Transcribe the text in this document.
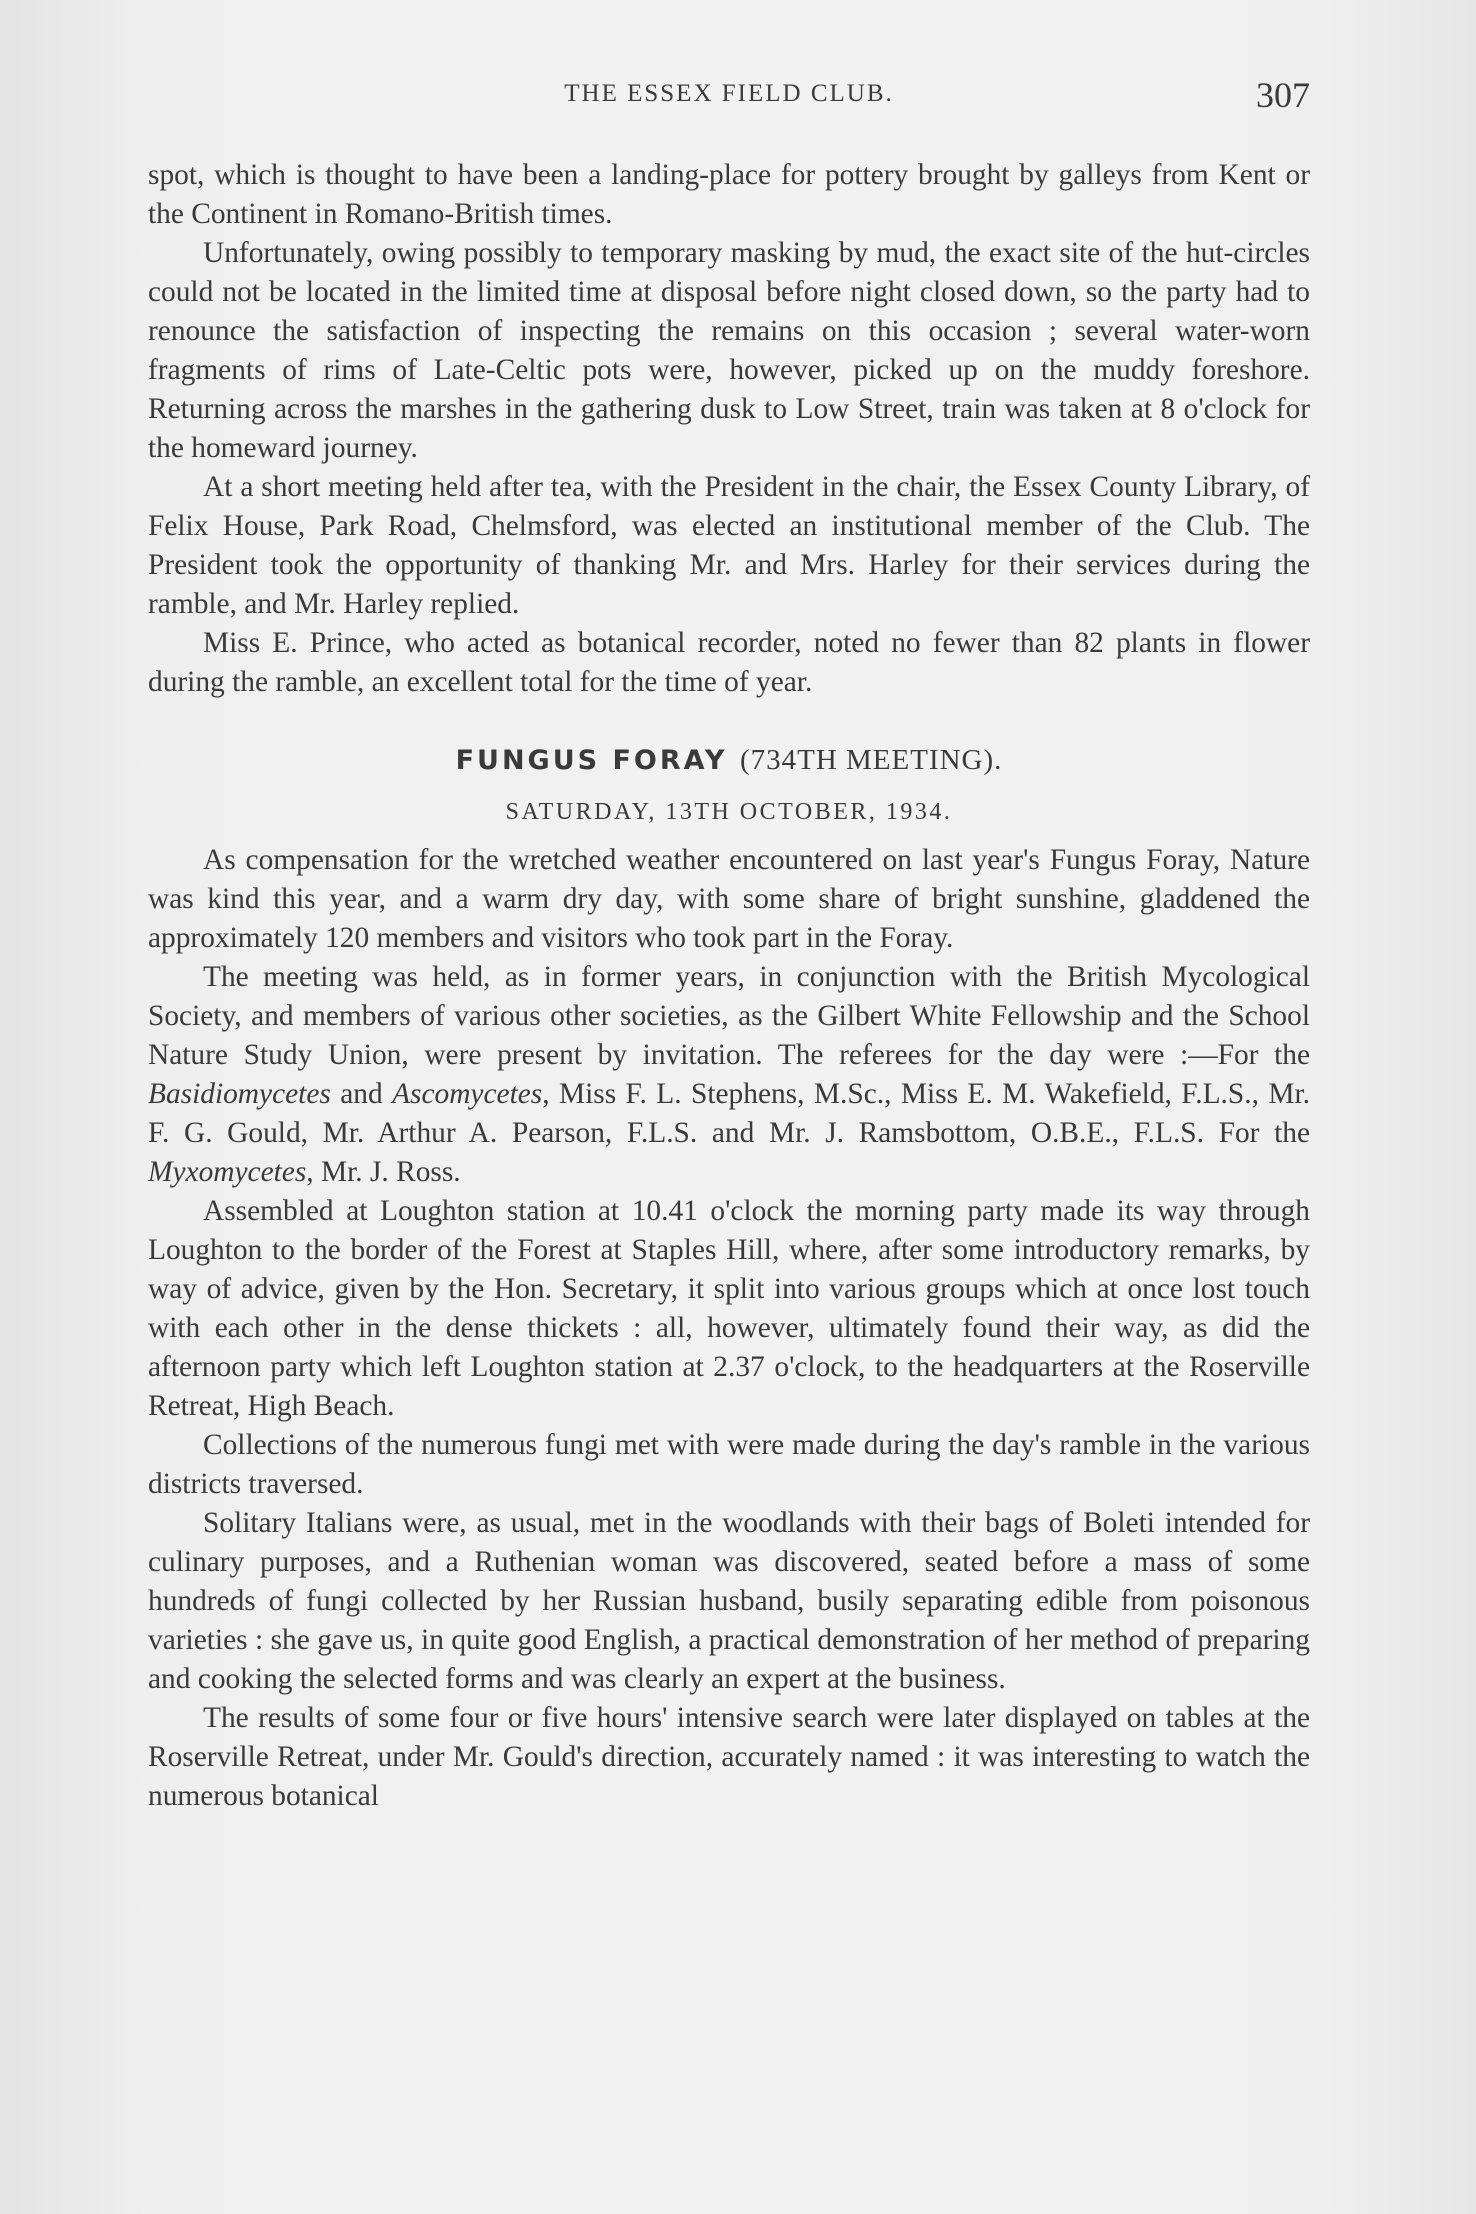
THE ESSEX FIELD CLUB.	307

spot, which is thought to have been a landing-place for pottery brought by galleys from Kent or the Continent in Romano-British times.

Unfortunately, owing possibly to temporary masking by mud, the exact site of the hut-circles could not be located in the limited time at disposal before night closed down, so the party had to renounce the satisfaction of inspecting the remains on this occasion ; several water-worn fragments of rims of Late-Celtic pots were, however, picked up on the muddy foreshore. Returning across the marshes in the gathering dusk to Low Street, train was taken at 8 o'clock for the homeward journey.

At a short meeting held after tea, with the President in the chair, the Essex County Library, of Felix House, Park Road, Chelmsford, was elected an institutional member of the Club. The President took the opportunity of thanking Mr. and Mrs. Harley for their services during the ramble, and Mr. Harley replied.

Miss E. Prince, who acted as botanical recorder, noted no fewer than 82 plants in flower during the ramble, an excellent total for the time of year.

FUNGUS FORAY (734TH MEETING).
SATURDAY, 13TH OCTOBER, 1934.

As compensation for the wretched weather encountered on last year's Fungus Foray, Nature was kind this year, and a warm dry day, with some share of bright sunshine, gladdened the approximately 120 members and visitors who took part in the Foray.

The meeting was held, as in former years, in conjunction with the British Mycological Society, and members of various other societies, as the Gilbert White Fellowship and the School Nature Study Union, were present by invitation. The referees for the day were :—For the Basidiomycetes and Ascomycetes, Miss F. L. Stephens, M.Sc., Miss E. M. Wakefield, F.L.S., Mr. F. G. Gould, Mr. Arthur A. Pearson, F.L.S. and Mr. J. Ramsbottom, O.B.E., F.L.S. For the Myxomycetes, Mr. J. Ross.

Assembled at Loughton station at 10.41 o'clock the morning party made its way through Loughton to the border of the Forest at Staples Hill, where, after some introductory remarks, by way of advice, given by the Hon. Secretary, it split into various groups which at once lost touch with each other in the dense thickets : all, however, ultimately found their way, as did the afternoon party which left Loughton station at 2.37 o'clock, to the headquarters at the Roserville Retreat, High Beach.

Collections of the numerous fungi met with were made during the day's ramble in the various districts traversed.

Solitary Italians were, as usual, met in the woodlands with their bags of Boleti intended for culinary purposes, and a Ruthenian woman was discovered, seated before a mass of some hundreds of fungi collected by her Russian husband, busily separating edible from poisonous varieties : she gave us, in quite good English, a practical demonstration of her method of preparing and cooking the selected forms and was clearly an expert at the business.

The results of some four or five hours' intensive search were later displayed on tables at the Roserville Retreat, under Mr. Gould's direction, accurately named : it was interesting to watch the numerous botanical
